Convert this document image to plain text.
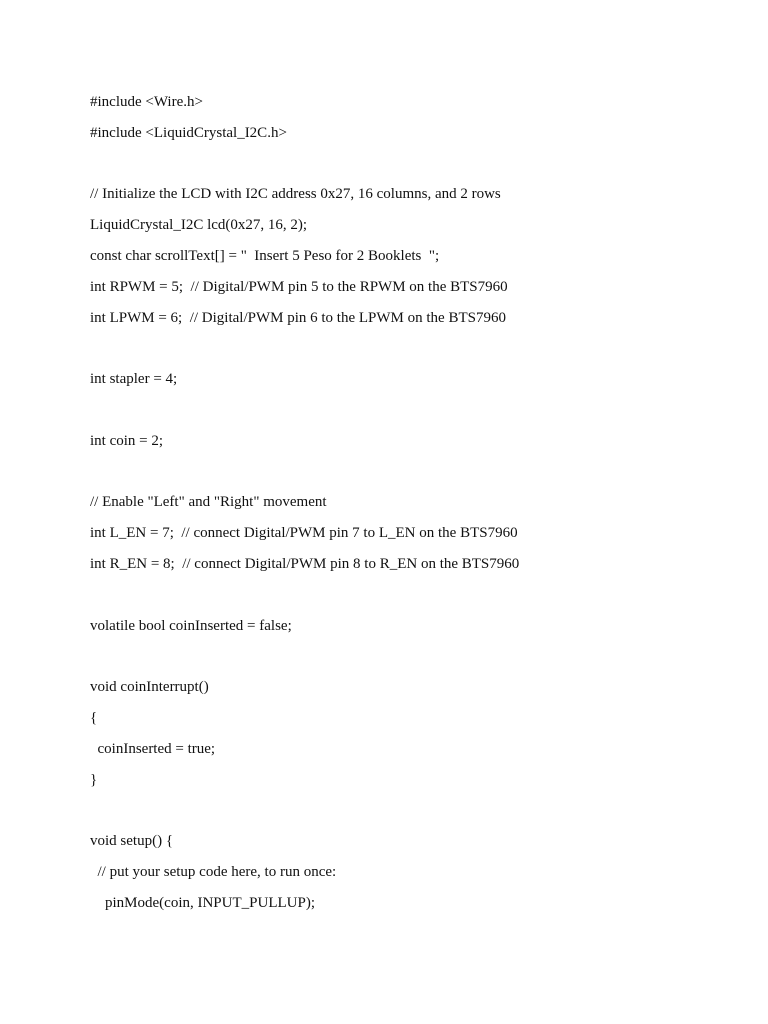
#include <Wire.h>
#include <LiquidCrystal_I2C.h>
// Initialize the LCD with I2C address 0x27, 16 columns, and 2 rows
LiquidCrystal_I2C lcd(0x27, 16, 2);
const char scrollText[] = "  Insert 5 Peso for 2 Booklets  ";
int RPWM = 5;  // Digital/PWM pin 5 to the RPWM on the BTS7960
int LPWM = 6;  // Digital/PWM pin 6 to the LPWM on the BTS7960
int stapler = 4;
int coin = 2;
// Enable "Left" and "Right" movement
int L_EN = 7;  // connect Digital/PWM pin 7 to L_EN on the BTS7960
int R_EN = 8;  // connect Digital/PWM pin 8 to R_EN on the BTS7960
volatile bool coinInserted = false;
void coinInterrupt()
{
coinInserted = true;
}
void setup() {
// put your setup code here, to run once:
pinMode(coin, INPUT_PULLUP);
